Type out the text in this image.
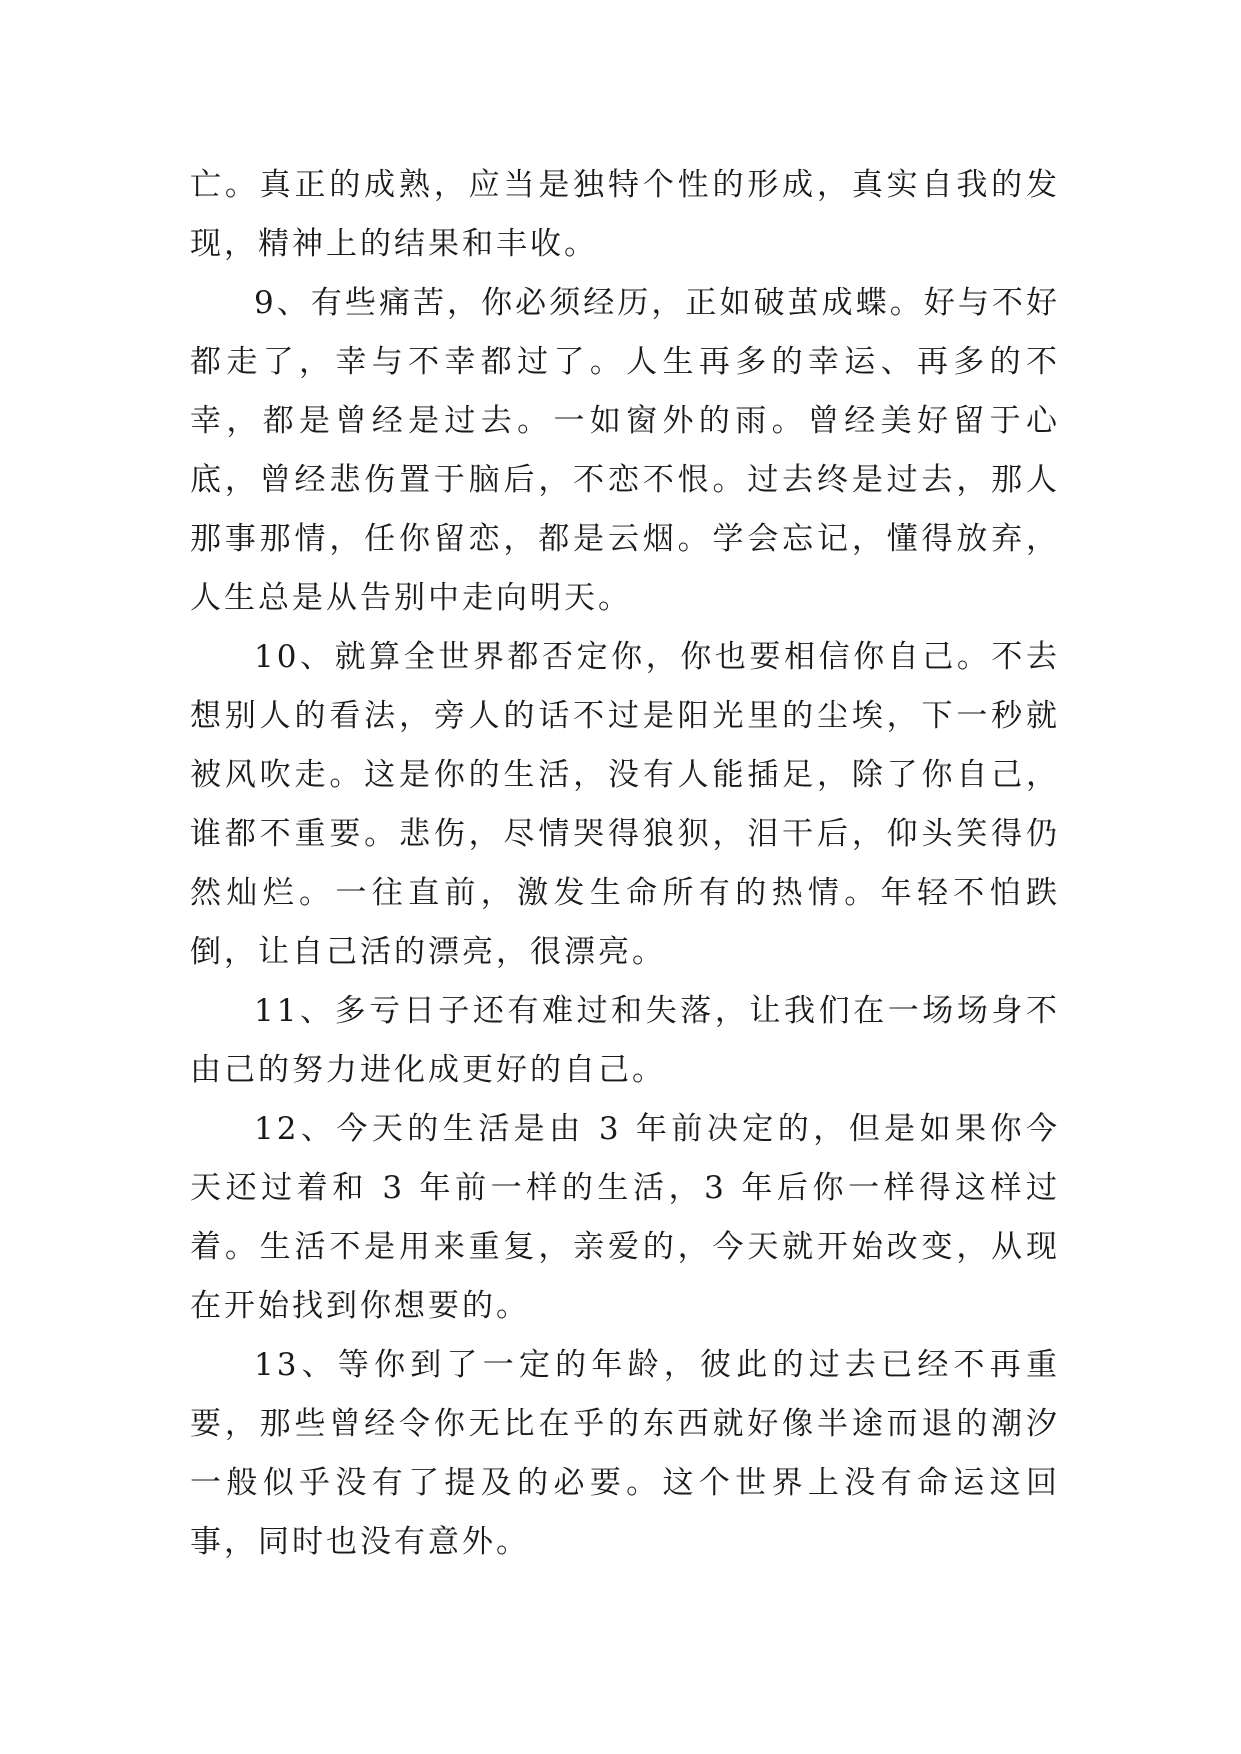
亡。真正的成熟，应当是独特个性的形成，真实自我的发现，精神上的结果和丰收。

9、有些痛苦，你必须经历，正如破茧成蝶。好与不好都走了，幸与不幸都过了。人生再多的幸运、再多的不幸，都是曾经是过去。一如窗外的雨。曾经美好留于心底，曾经悲伤置于脑后，不恋不恨。过去终是过去，那人那事那情，任你留恋，都是云烟。学会忘记，懂得放弃，人生总是从告别中走向明天。

10、就算全世界都否定你，你也要相信你自己。不去想别人的看法，旁人的话不过是阳光里的尘埃，下一秒就被风吹走。这是你的生活，没有人能插足，除了你自己，谁都不重要。悲伤，尽情哭得狼狈，泪干后，仰头笑得仍然灿烂。一往直前，激发生命所有的热情。年轻不怕跌倒，让自己活的漂亮，很漂亮。

11、多亏日子还有难过和失落，让我们在一场场身不由己的努力进化成更好的自己。

12、今天的生活是由 3 年前决定的，但是如果你今天还过着和 3 年前一样的生活，3 年后你一样得这样过着。生活不是用来重复，亲爱的，今天就开始改变，从现在开始找到你想要的。

13、等你到了一定的年龄，彼此的过去已经不再重要，那些曾经令你无比在乎的东西就好像半途而退的潮汐一般似乎没有了提及的必要。这个世界上没有命运这回事，同时也没有意外。
